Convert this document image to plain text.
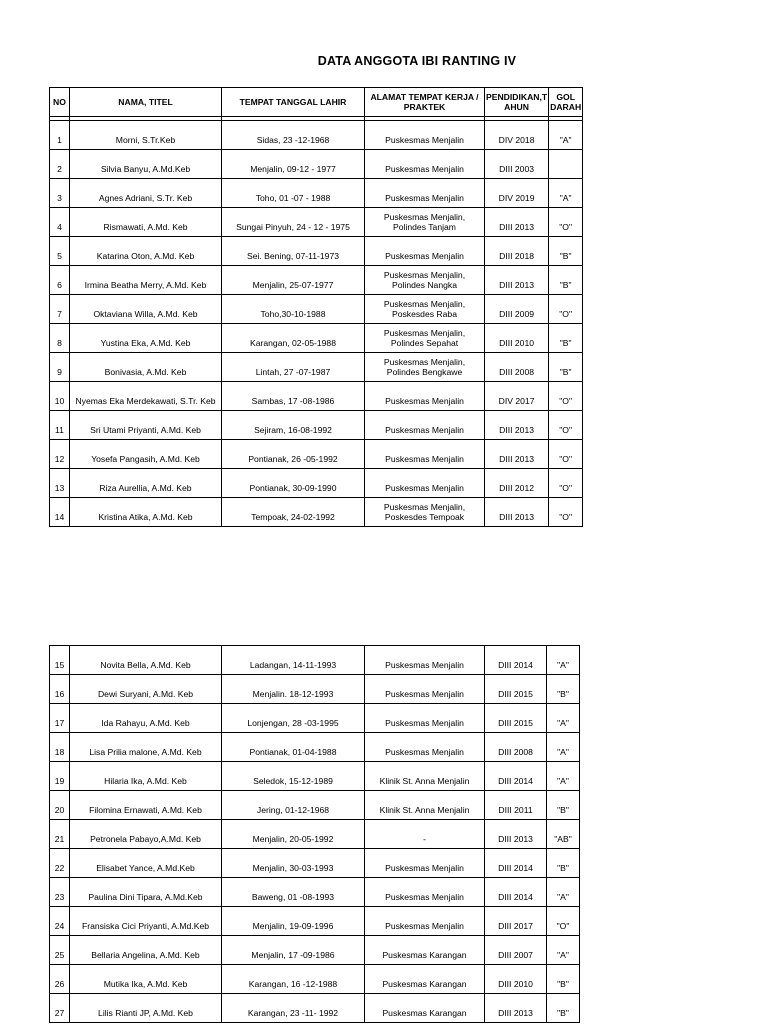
DATA ANGGOTA IBI RANTING IV
NO	NAMA, TITEL	TEMPAT TANGGAL LAHIR	ALAMAT TEMPAT KERJA /
PRAKTEK	PENDIDIKAN,T
AHUN	GOL
DARAH

1	Morni, S.Tr.Keb	Sidas, 23 -12-1968	Puskesmas Menjalin	DIV 2018	"A"
2	Silvia Banyu, A.Md.Keb	Menjalin, 09-12 - 1977	Puskesmas Menjalin	DIII 2003	
3	Agnes Adriani, S.Tr. Keb	Toho, 01 -07 - 1988	Puskesmas Menjalin	DIV 2019	"A"
4	Rismawati, A.Md. Keb	Sungai Pinyuh, 24 - 12 - 1975	Puskesmas Menjalin,
Polindes Tanjam	DIII 2013	"O"
5	Katarina Oton, A.Md. Keb	Sei. Bening, 07-11-1973	Puskesmas Menjalin	DIII 2018	"B"
6	Irmina Beatha Merry, A.Md. Keb	Menjalin, 25-07-1977	Puskesmas Menjalin,
Polindes Nangka	DIII 2013	"B"
7	Oktaviana Willa, A.Md. Keb	Toho,30-10-1988	Puskesmas Menjalin,
Poskesdes Raba	DIII 2009	"O"
8	Yustina Eka, A.Md. Keb	Karangan, 02-05-1988	Puskesmas Menjalin,
Polindes Sepahat	DIII 2010	"B"
9	Bonivasia, A.Md. Keb	Lintah, 27 -07-1987	Puskesmas Menjalin,
Polindes Bengkawe	DIII 2008	"B"
10	Nyemas Eka Merdekawati, S.Tr. Keb	Sambas, 17 -08-1986	Puskesmas Menjalin	DIV 2017	"O"
11	Sri Utami Priyanti, A.Md. Keb	Sejiram, 16-08-1992	Puskesmas Menjalin	DIII 2013	"O"
12	Yosefa Pangasih, A.Md. Keb	Pontianak, 26 -05-1992	Puskesmas Menjalin	DIII 2013	"O"
13	Riza Aurellia, A.Md. Keb	Pontianak, 30-09-1990	Puskesmas Menjalin	DIII 2012	"O"
14	Kristina Atika, A.Md. Keb	Tempoak, 24-02-1992	Puskesmas Menjalin,
Poskesdes Tempoak	DIII 2013	"O"
15	Novita Bella, A.Md. Keb	Ladangan, 14-11-1993	Puskesmas Menjalin	DIII 2014	"A"
16	Dewi Suryani, A.Md. Keb	Menjalin. 18-12-1993	Puskesmas Menjalin	DIII 2015	"B"
17	Ida Rahayu, A.Md. Keb	Lonjengan, 28 -03-1995	Puskesmas Menjalin	DIII 2015	"A"
18	Lisa Prilia malone, A.Md. Keb	Pontianak, 01-04-1988	Puskesmas Menjalin	DIII 2008	"A"
19	Hilaria Ika, A.Md. Keb	Seledok, 15-12-1989	Klinik St. Anna Menjalin	DIII 2014	"A"
20	Filomina Ernawati, A.Md. Keb	Jering, 01-12-1968	Klinik St. Anna Menjalin	DIII 2011	"B"
21	Petronela Pabayo,A.Md. Keb	Menjalin, 20-05-1992	-	DIII 2013	"AB"
22	Elisabet Yance, A.Md.Keb	Menjalin, 30-03-1993	Puskesmas Menjalin	DIII 2014	"B"
23	Paulina Dini Tipara, A.Md.Keb	Baweng, 01 -08-1993	Puskesmas Menjalin	DIII 2014	"A"
24	Fransiska Cici Priyanti, A.Md.Keb	Menjalin, 19-09-1996	Puskesmas Menjalin	DIII 2017	"O"
25	Bellaria Angelina, A.Md. Keb	Menjalin, 17 -09-1986	Puskesmas Karangan	DIII 2007	"A"
26	Mutika Ika, A.Md. Keb	Karangan, 16 -12-1988	Puskesmas Karangan	DIII 2010	"B"
27	Lilis Rianti JP, A.Md. Keb	Karangan, 23 -11- 1992	Puskesmas Karangan	DIII 2013	"B"
